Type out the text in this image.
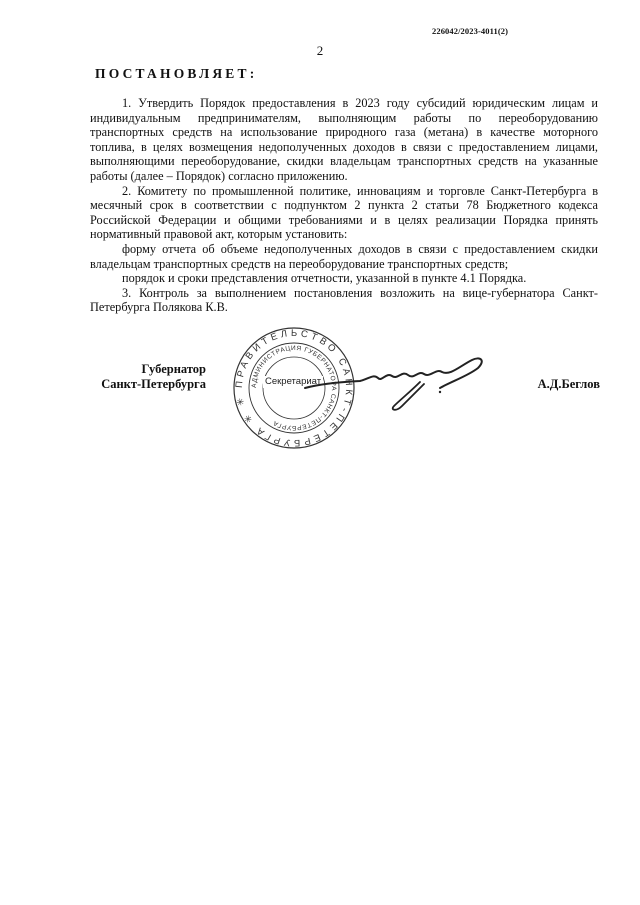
226042/2023-4011(2)
2
ПОСТАНОВЛЯЕТ:

1. Утвердить Порядок предоставления в 2023 году субсидий юридическим лицам и индивидуальным предпринимателям, выполняющим работы по переоборудованию транспортных средств на использование природного газа (метана) в качестве моторного топлива, в целях возмещения недополученных доходов в связи с предоставлением лицами, выполняющими переоборудование, скидки владельцам транспортных средств на указанные работы (далее – Порядок) согласно приложению.

2. Комитету по промышленной политике, инновациям и торговле Санкт-Петербурга в месячный срок в соответствии с подпунктом 2 пункта 2 статьи 78 Бюджетного кодекса Российской Федерации и общими требованиями и в целях реализации Порядка принять нормативный правовой акт, которым установить:

форму отчета об объеме недополученных доходов в связи с предоставлением скидки владельцам транспортных средств на переоборудование транспортных средств;

порядок и сроки представления отчетности, указанной в пункте 4.1 Порядка.

3. Контроль за выполнением постановления возложить на вице-губернатора Санкт-Петербурга Полякова К.В.

Губернатор
Санкт-Петербурга	ПРАВИТЕЛЬСТВО САНКТ-ПЕТЕРБУРГА ✳ ✳
АДМИНИСТРАЦИЯ ГУБЕРНАТОРА САНКТ-ПЕТЕРБУРГА
Секретариат	А.Д.Беглов
